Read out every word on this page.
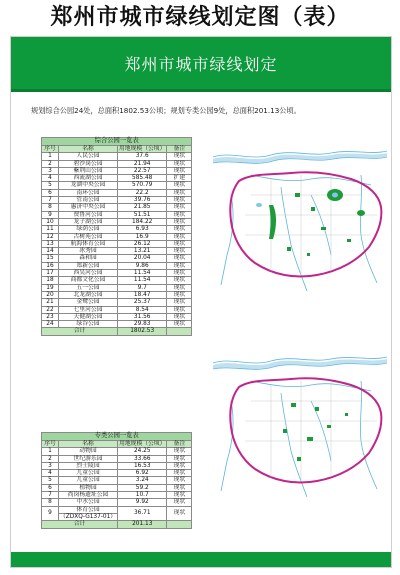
郑州市城市绿线划定图（表）
郑州市城市绿线划定
规划综合公园24处，总面积1802.53公顷；规划专类公园9处，总面积201.13公顷。
综合公园一览表			
序号	名称	用地规模（公顷）	备注
1	人民公园	37.6	现状
2	碧沙岗公园	21.94	现状
3	紫荆山公园	22.57	现状
4	西流湖公园	585.48	扩建
5	龙湖中央公园	570.79	现状
6	南环公园	22.2	现状
7	管南公园	39.76	现状
8	惠济中央公园	21.85	现状
9	贾鲁河公园	51.51	现状
10	龙子湖公园	184.22	现状
11	绿荫公园	6.93	现状
12	古树苑公园	16.9	现状
13	航海体育公园	26.12	现状
14	冰秀园	13.21	现状
15	森和园	20.04	现状
16	郑新公园	9.86	现状
17	西吴河公园	11.54	现状
18	商都文化公园	11.54	现状
19	五一公园	9.7	现状
20	北龙湖公园	18.47	现状
21	金鹭公园	25.37	现状
22	七里河公园	8.54	现状
23	天健湖公园	31.56	现状
24	绿谷公园	29.83	现状
合计		1802.53	
专类公园一览表			
序号	名称	用地规模（公顷）	备注
1	动物园	24.25	现状
2	世纪游乐园	33.66	现状
3	烈士陵园	16.53	现状
4	儿童公园	6.92	现状
5	儿童公园	3.24	现状
6	植物园	59.2	现状
7	尚岗杨遗址公园	10.7	现状
8	中水公园	9.92	现状
9	体育公园	36.71	现状
	（ZDXQ-G137-01）		
合计		201.13	
